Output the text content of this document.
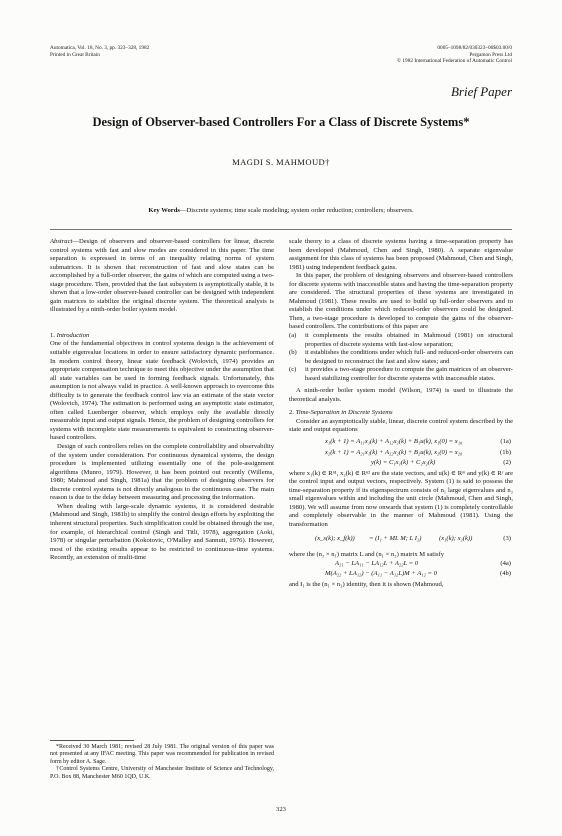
Automatica, Vol. 18, No. 3, pp. 323–328, 1982
Printed in Great Britain
0005–1098/82/030323–06$03.00/0
Pergamon Press Ltd
© 1982 International Federation of Automatic Control
Brief Paper
Design of Observer-based Controllers For a Class of Discrete Systems*
MAGDI S. MAHMOUD†
Key Words—Discrete systems; time scale modeling; system order reduction; controllers; observers.

Abstract—Design of observers and observer-based controllers for linear, discrete control systems with fast and slow modes are considered in this paper. The time separation is expressed in terms of an inequality relating norms of system submatrices. It is shown that reconstruction of fast and slow states can be accomplished by a full-order observer, the gains of which are computed using a two-stage procedure. Then, provided that the fast subsystem is asymptotically stable, it is shown that a low-order observer-based controller can be designed with independent gain matrices to stabilize the original discrete system. The theoretical analysis is illustrated by a ninth-order boiler system model.

1. Introduction

One of the fundamental objectives in control systems design is the achievement of suitable eigenvalue locations in order to ensure satisfactory dynamic performance. In modern control theory, linear state feedback (Wolovich, 1974) provides an appropriate compensation technique to meet this objective under the assumption that all state variables can be used in forming feedback signals. Unfortunately, this assumption is not always valid in practice. A well-known approach to overcome this difficulty is to generate the feedback control law via an estimate of the state vector (Wolovich, 1974). The estimation is performed using an asymptotic state estimator, often called Luenberger observer, which employs only the available directly measurable input and output signals. Hence, the problem of designing controllers for systems with incomplete state measurements is equivalent to constructing observer-based controllers.

Design of such controllers relies on the complete controllability and observability of the system under consideration. For continuous dynamical systems, the design procedure is implemented utilizing essentially one of the pole-assignment algorithms (Munro, 1979). However, it has been pointed out recently (Willems, 1980; Mahmoud and Singh, 1981a) that the problem of designing observers for discrete control systems is not directly analogous to the continuous case. The main reason is due to the delay between measuring and processing the information.

When dealing with large-scale dynamic systems, it is considered desirable (Mahmoud and Singh, 1981b) to simplify the control design efforts by exploiting the inherent structural properties. Such simplification could be obtained through the use, for example, of hierarchical control (Singh and Titli, 1978), aggregation (Aoki, 1978) or singular perturbation (Kokotovic, O'Malley and Sannuti, 1976). However, most of the existing results appear to be restricted to continuous-time systems. Recently, an extension of multi-time

*Received 30 March 1981; revised 28 July 1981. The original version of this paper was not presented at any IFAC meeting. This paper was recommended for publication in revised form by editor A. Sage.

†Control Systems Centre, University of Manchester Institute of Science and Technology, P.O. Box 88, Manchester M60 1QD, U.K.

scale theory to a class of discrete systems having a time-separation property has been developed (Mahmoud, Chen and Singh, 1980). A separate eigenvalue assignment for this class of systems has been proposed (Mahmoud, Chen and Singh, 1981) using independent feedback gains.

In this paper, the problem of designing observers and observer-based controllers for discrete systems with inaccessible states and having the time-separation property are considered. The structural properties of these systems are investigated in Mahmoud (1981). These results are used to build up full-order observers and to establish the conditions under which reduced-order observers could be designed. Then, a two-stage procedure is developed to compute the gains of the observer-based controllers. The contributions of this paper are

(a) it complements the results obtained in Mahmoud (1981) on structural properties of discrete systems with fast-slow separation;
(b) it establishes the conditions under which full- and reduced-order observers can be designed to reconstruct the fast and slow states; and
(c) it provides a two-stage procedure to compute the gain matrices of an observer-based stabilizing controller for discrete systems with inaccessible states.

A ninth-order boiler system model (Wilson, 1974) is used to illustrate the theoretical analysis.

2. Time-Separation in Discrete Systems

Consider an asymptotically stable, linear, discrete control system described by the state and output equations

x₁(k + 1) = A₁₁x₁(k) + A₁₂x₂(k) + B₁u(k), x₁(0) = x₁₀	(1a)
x₂(k + 1) = A₂₁x₁(k) + A₂₂x₂(k) + B₂u(k), x₂(0) = x₂₀	(1b)
y(k) = C₁x₁(k) + C₂x₂(k)	(2)

where x₁(k) ∈ Rⁿ¹, x₂(k) ∈ Rⁿ² are the state vectors, and u(k) ∈ Rᵐ and y(k) ∈ Rʳ are the control input and output vectors, respectively. System (1) is said to possess the time-separation property if its eigenspectrum consists of n₁ large eigenvalues and n₂ small eigenvalues within and including the unit circle (Mahmoud, Chen and Singh, 1980). We will assume from now onwards that system (1) is completely controllable and completely observable in the manner of Mahmoud (1981). Using the transformation

(x_s(k); x_f(k)) = (I₁ + ML M; L I₂)	(x₁(k); x₂(k))	(3)

where the (n₂ × n₁) matrix L and (n₁ × n₂) matrix M satisfy

A₂₁ − LA₁₁ − LA₁₂L + A₂₂L = 0	(4a)
M(A₂₂ + LA₁₂) − (A₁₁ − A₁₂L)M + A₁₂ = 0	(4b)

and I₁ is the (n₁ × n₁) identity, then it is shown (Mahmoud,

323
